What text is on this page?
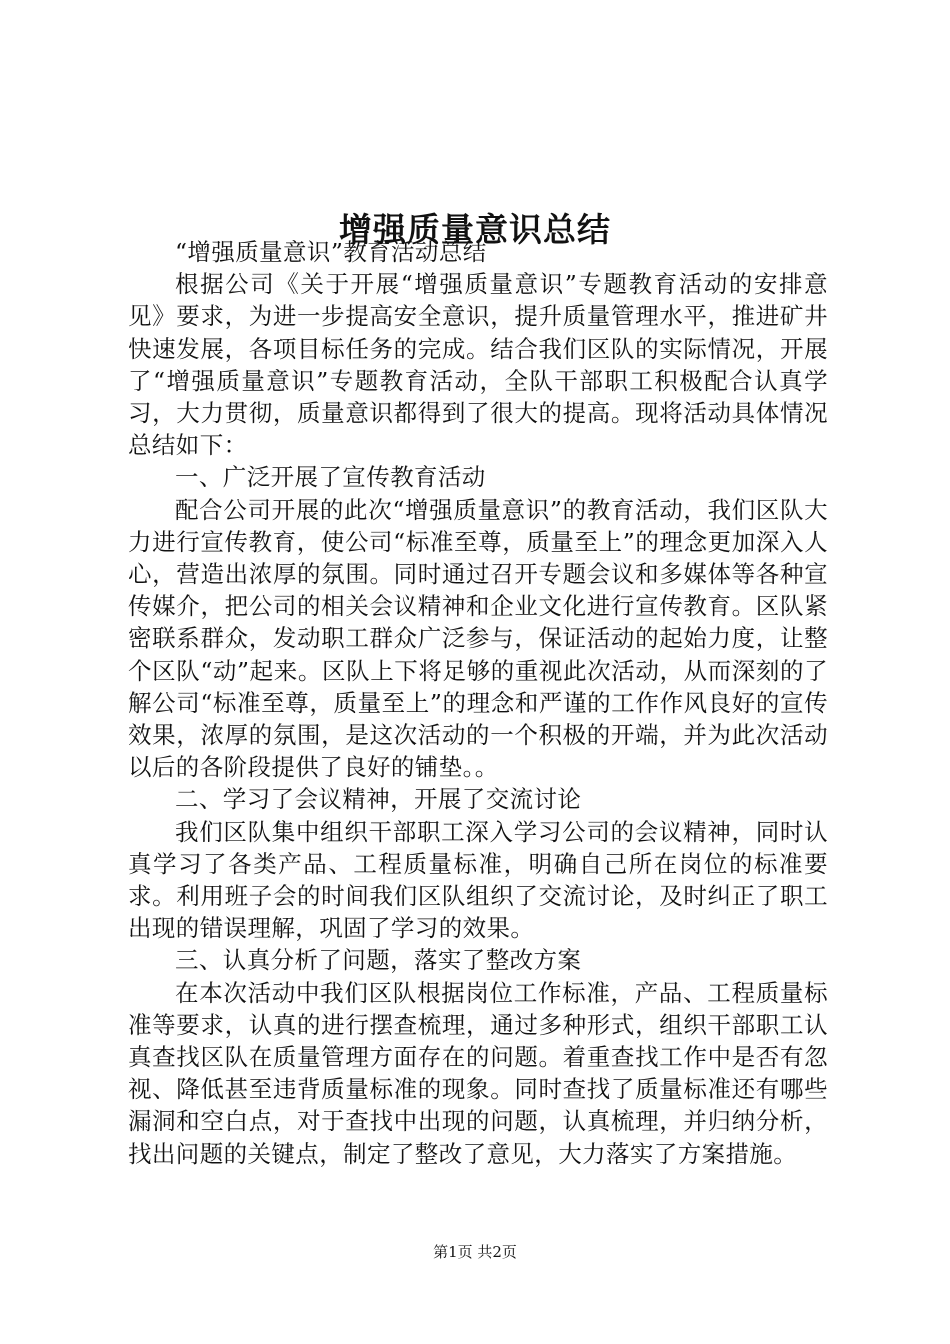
增强质量意识总结

“增强质量意识”教育活动总结

根据公司《关于开展“增强质量意识”专题教育活动的安排意见》要求，为进一步提高安全意识，提升质量管理水平，推进矿井快速发展，各项目标任务的完成。结合我们区队的实际情况，开展了“增强质量意识”专题教育活动，全队干部职工积极配合认真学习，大力贯彻，质量意识都得到了很大的提高。现将活动具体情况总结如下：

一、广泛开展了宣传教育活动

配合公司开展的此次“增强质量意识”的教育活动，我们区队大力进行宣传教育，使公司“标准至尊，质量至上”的理念更加深入人心，营造出浓厚的氛围。同时通过召开专题会议和多媒体等各种宣传媒介，把公司的相关会议精神和企业文化进行宣传教育。区队紧密联系群众，发动职工群众广泛参与，保证活动的起始力度，让整个区队“动”起来。区队上下将足够的重视此次活动，从而深刻的了解公司“标准至尊，质量至上”的理念和严谨的工作作风良好的宣传效果，浓厚的氛围，是这次活动的一个积极的开端，并为此次活动以后的各阶段提供了良好的铺垫。。

二、学习了会议精神，开展了交流讨论

我们区队集中组织干部职工深入学习公司的会议精神，同时认真学习了各类产品、工程质量标准，明确自己所在岗位的标准要求。利用班子会的时间我们区队组织了交流讨论，及时纠正了职工出现的错误理解，巩固了学习的效果。

三、认真分析了问题，落实了整改方案

在本次活动中我们区队根据岗位工作标准，产品、工程质量标准等要求，认真的进行摆查梳理，通过多种形式，组织干部职工认真查找区队在质量管理方面存在的问题。着重查找工作中是否有忽视、降低甚至违背质量标准的现象。同时查找了质量标准还有哪些漏洞和空白点，对于查找中出现的问题，认真梳理，并归纳分析，找出问题的关键点，制定了整改了意见，大力落实了方案措施。

第1页 共2页
